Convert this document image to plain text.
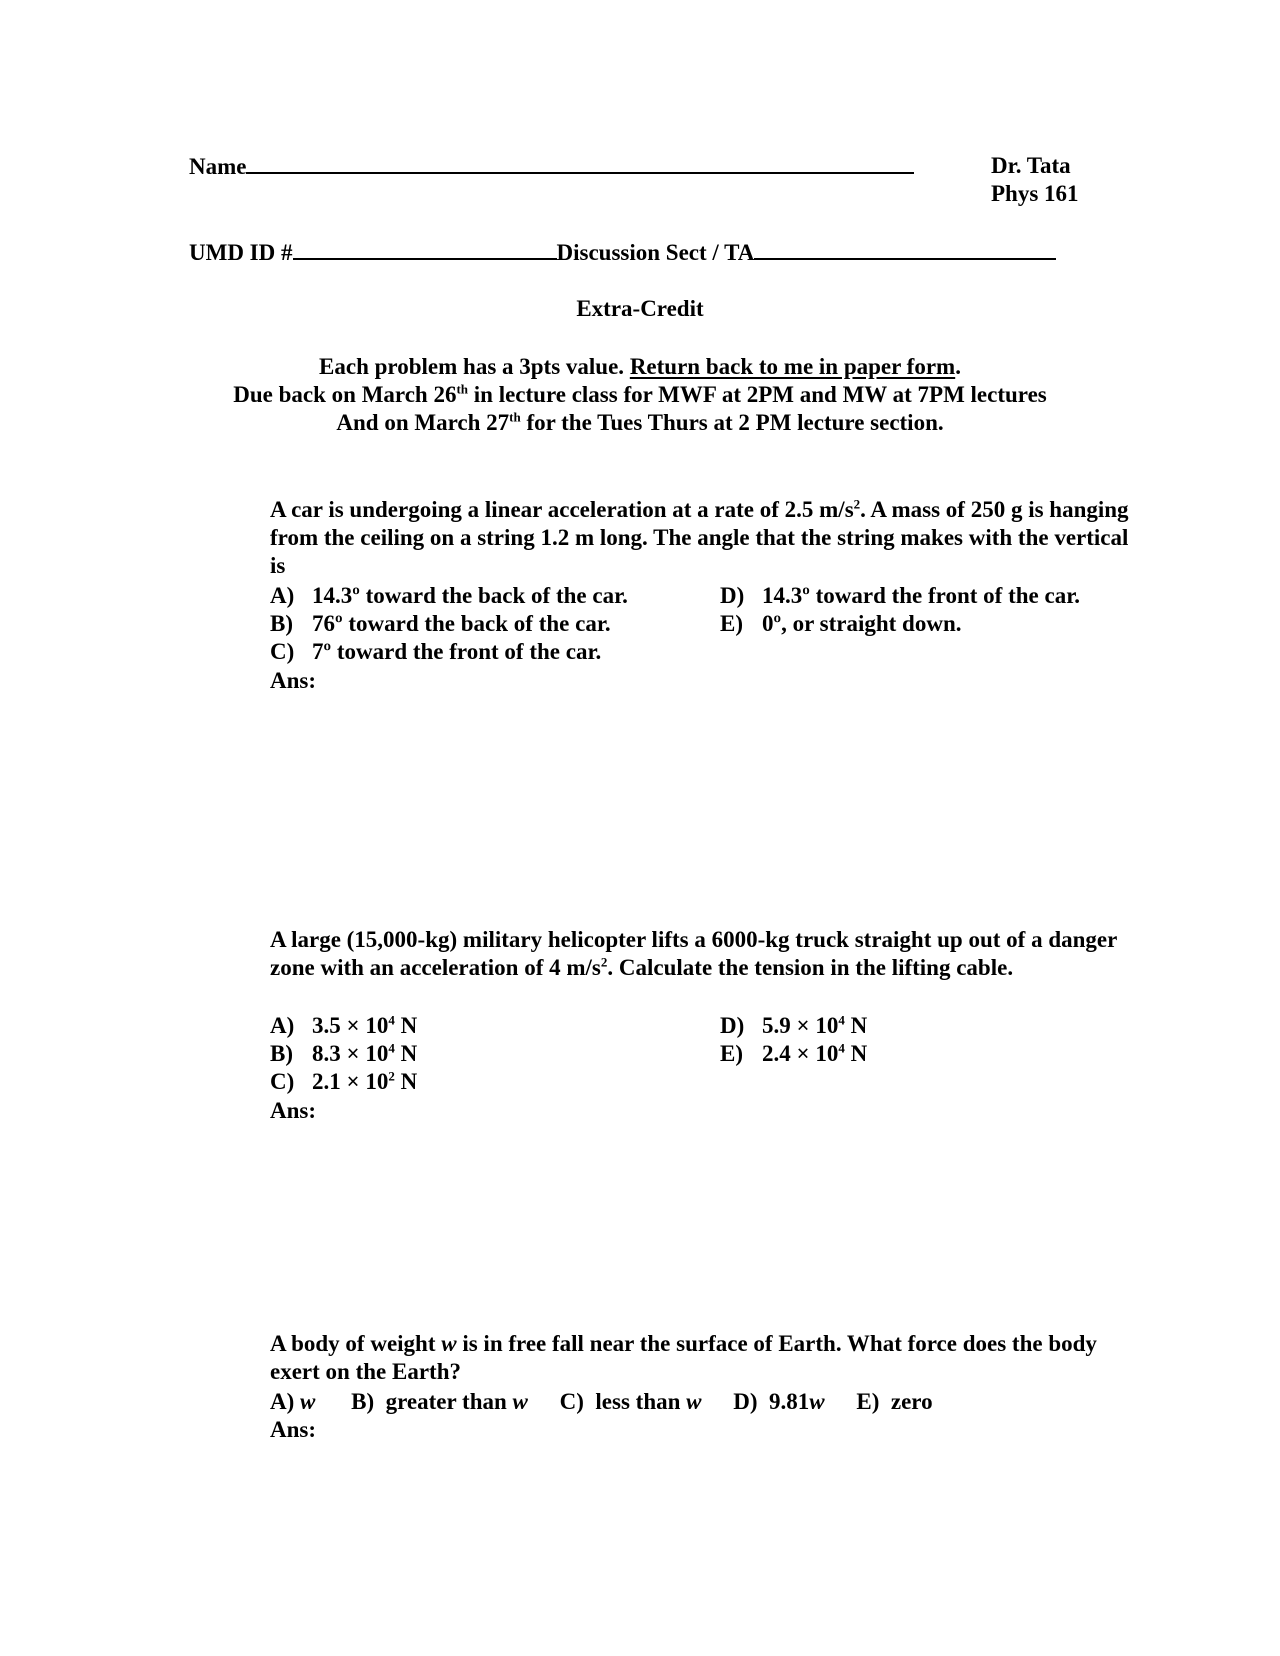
Name	Dr. Tata
Phys 161
UMD ID #	Discussion Sect / TA
Extra-Credit
Each problem has a 3pts value. Return back to me in paper form.
Due back on March 26th in lecture class for MWF at 2PM and MW at 7PM lectures
And on March 27th for the Tues Thurs at 2 PM lecture section.

A car is undergoing a linear acceleration at a rate of 2.5 $m/s^2$. A mass of 250 g is hanging from the ceiling on a string 1.2 m long. The angle that the string makes with the vertical is

A) 14.3º toward the back of the car.
B) 76º toward the back of the car.
C) 7º toward the front of the car.
D) 14.3º toward the front of the car.
E) 0º, or straight down.
Ans:

A large (15,000-kg) military helicopter lifts a 6000-kg truck straight up out of a danger zone with an acceleration of 4 $m/s^2$. Calculate the tension in the lifting cable.

A) $3.5 \times 10^4$ N
B) $8.3 \times 10^4$ N
C) $2.1 \times 10^2$ N
D) $5.9 \times 10^4$ N
E) $2.4 \times 10^4$ N
Ans:

A body of weight w is in free fall near the surface of Earth. What force does the body exert on the Earth?

A) w B) greater than w C) less than w D) 9.81w E) zero
Ans:
